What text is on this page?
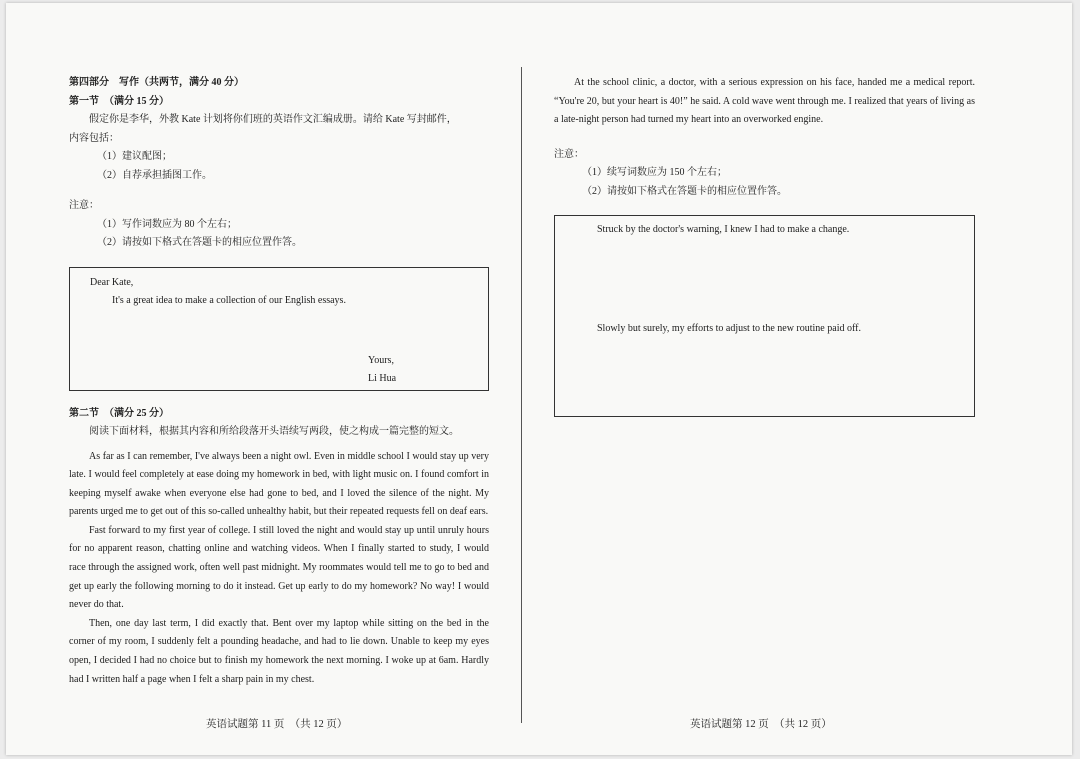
第四部分　写作（共两节，满分 40 分）
第一节　（满分 15 分）
假定你是李华，外教 Kate 计划将你们班的英语作文汇编成册。请给 Kate 写封邮件，
内容包括：
（1）建议配图；
（2）自荐承担插图工作。
注意：
（1）写作词数应为 80 个左右；
（2）请按如下格式在答题卡的相应位置作答。
Dear Kate,
It's a great idea to make a collection of our English essays.
Yours,
Li Hua
第二节　（满分 25 分）
阅读下面材料，根据其内容和所给段落开头语续写两段，使之构成一篇完整的短文。
As far as I can remember, I've always been a night owl. Even in middle school I would stay up very late. I would feel completely at ease doing my homework in bed, with light music on. I found comfort in keeping myself awake when everyone else had gone to bed, and I loved the silence of the night. My parents urged me to get out of this so-called unhealthy habit, but their repeated requests fell on deaf ears.
Fast forward to my first year of college. I still loved the night and would stay up until unruly hours for no apparent reason, chatting online and watching videos. When I finally started to study, I would race through the assigned work, often well past midnight. My roommates would tell me to go to bed and get up early the following morning to do it instead. Get up early to do my homework? No way! I would never do that.
Then, one day last term, I did exactly that. Bent over my laptop while sitting on the bed in the corner of my room, I suddenly felt a pounding headache, and had to lie down. Unable to keep my eyes open, I decided I had no choice but to finish my homework the next morning. I woke up at 6am. Hardly had I written half a page when I felt a sharp pain in my chest.
At the school clinic, a doctor, with a serious expression on his face, handed me a medical report. “You're 20, but your heart is 40!” he said. A cold wave went through me. I realized that years of living as a late-night person had turned my heart into an overworked engine.
注意：
（1）续写词数应为 150 个左右；
（2）请按如下格式在答题卡的相应位置作答。
Struck by the doctor's warning, I knew I had to make a change.
Slowly but surely, my efforts to adjust to the new routine paid off.
英语试题第 11 页　（共 12 页）	英语试题第 12 页　（共 12 页）
